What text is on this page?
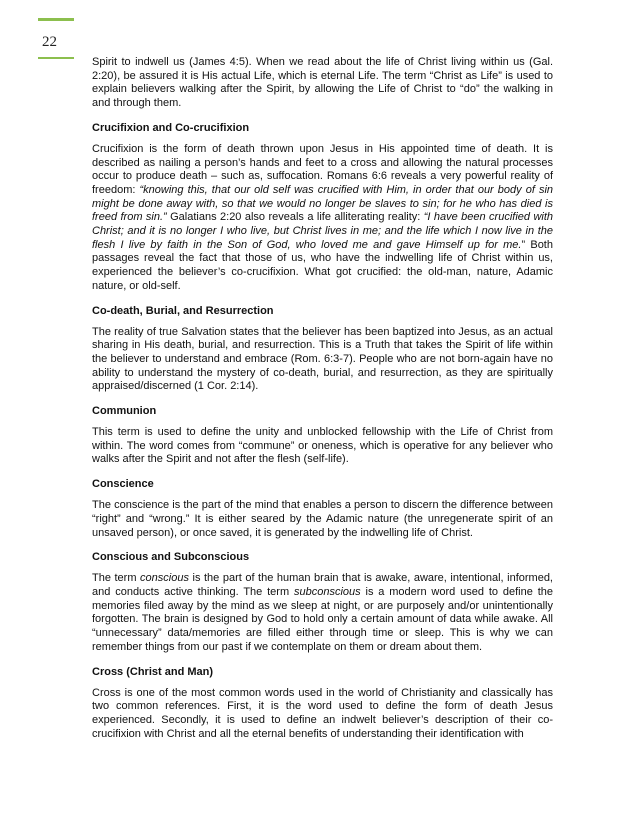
22

Spirit to indwell us (James 4:5). When we read about the life of Christ living within us (Gal. 2:20), be assured it is His actual Life, which is eternal Life. The term “Christ as Life” is used to explain believers walking after the Spirit, by allowing the Life of Christ to “do” the walking in and through them.

Crucifixion and Co-crucifixion

Crucifixion is the form of death thrown upon Jesus in His appointed time of death. It is described as nailing a person’s hands and feet to a cross and allowing the natural processes occur to produce death – such as, suffocation. Romans 6:6 reveals a very powerful reality of freedom: “knowing this, that our old self was crucified with Him, in order that our body of sin might be done away with, so that we would no longer be slaves to sin; for he who has died is freed from sin.” Galatians 2:20 also reveals a life alliterating reality: “I have been crucified with Christ; and it is no longer I who live, but Christ lives in me; and the life which I now live in the flesh I live by faith in the Son of God, who loved me and gave Himself up for me.” Both passages reveal the fact that those of us, who have the indwelling life of Christ within us, experienced the believer’s co-crucifixion. What got crucified: the old-man, nature, Adamic nature, or old-self.

Co-death, Burial, and Resurrection

The reality of true Salvation states that the believer has been baptized into Jesus, as an actual sharing in His death, burial, and resurrection. This is a Truth that takes the Spirit of life within the believer to understand and embrace (Rom. 6:3-7). People who are not born-again have no ability to understand the mystery of co-death, burial, and resurrection, as they are spiritually appraised/discerned (1 Cor. 2:14).

Communion

This term is used to define the unity and unblocked fellowship with the Life of Christ from within. The word comes from “commune” or oneness, which is operative for any believer who walks after the Spirit and not after the flesh (self-life).

Conscience

The conscience is the part of the mind that enables a person to discern the difference between “right” and “wrong.” It is either seared by the Adamic nature (the unregenerate spirit of an unsaved person), or once saved, it is generated by the indwelling life of Christ.

Conscious and Subconscious

The term conscious is the part of the human brain that is awake, aware, intentional, informed, and conducts active thinking. The term subconscious is a modern word used to define the memories filed away by the mind as we sleep at night, or are purposely and/or unintentionally forgotten. The brain is designed by God to hold only a certain amount of data while awake. All “unnecessary” data/memories are filled either through time or sleep. This is why we can remember things from our past if we contemplate on them or dream about them.

Cross (Christ and Man)

Cross is one of the most common words used in the world of Christianity and classically has two common references. First, it is the word used to define the form of death Jesus experienced. Secondly, it is used to define an indwelt believer’s description of their co-crucifixion with Christ and all the eternal benefits of understanding their identification with
